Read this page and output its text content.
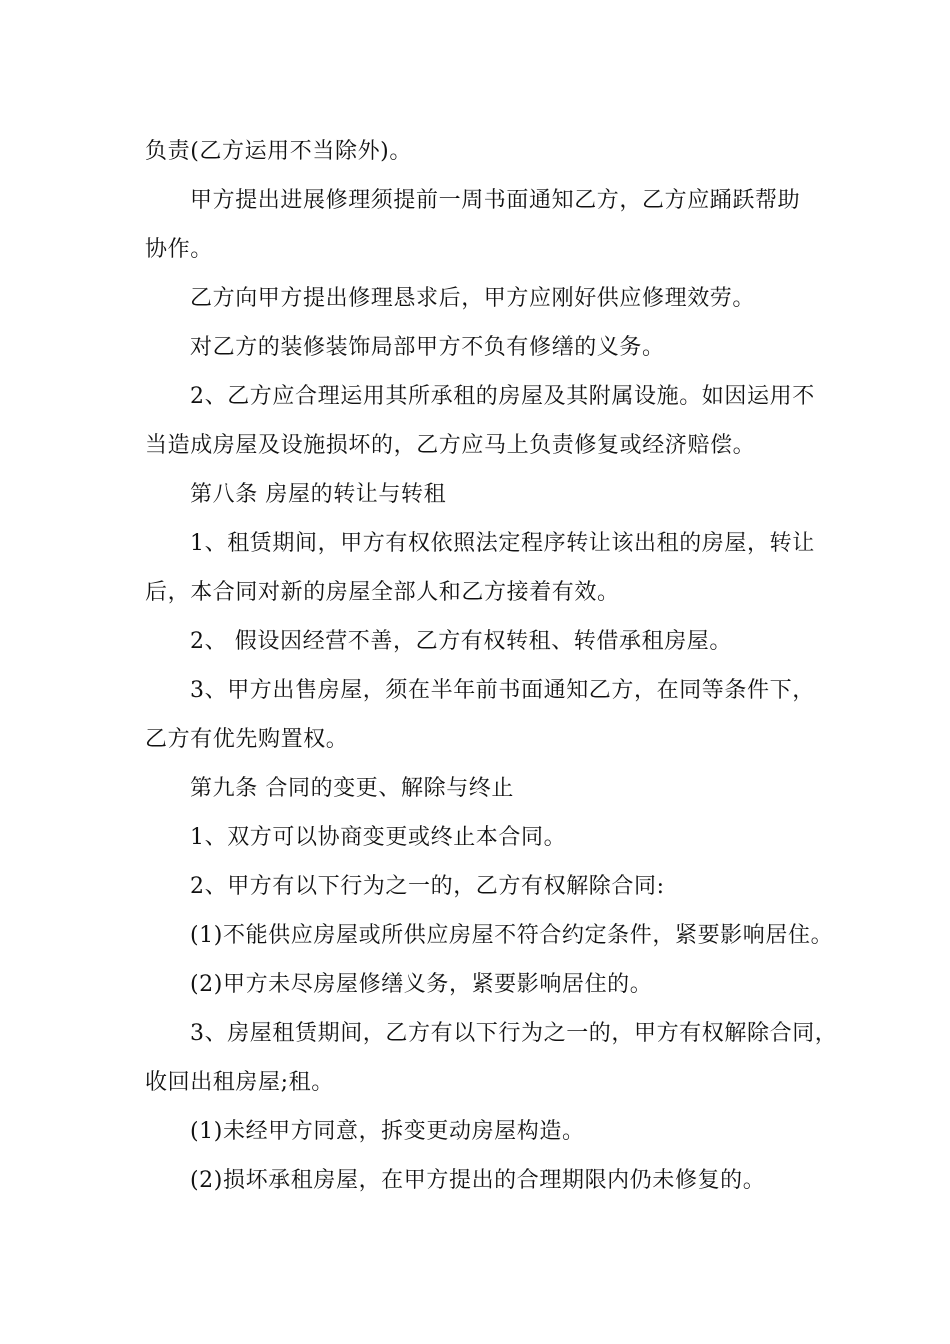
负责(乙方运用不当除外)。

甲方提出进展修理须提前一周书面通知乙方，乙方应踊跃帮助

协作。

乙方向甲方提出修理恳求后，甲方应刚好供应修理效劳。

对乙方的装修装饰局部甲方不负有修缮的义务。

2、乙方应合理运用其所承租的房屋及其附属设施。如因运用不

当造成房屋及设施损坏的，乙方应马上负责修复或经济赔偿。

第八条 房屋的转让与转租

1、租赁期间，甲方有权依照法定程序转让该出租的房屋，转让

后，本合同对新的房屋全部人和乙方接着有效。

2、 假设因经营不善，乙方有权转租、转借承租房屋。

3、甲方出售房屋，须在半年前书面通知乙方，在同等条件下，

乙方有优先购置权。

第九条 合同的变更、解除与终止

1、双方可以协商变更或终止本合同。

2、甲方有以下行为之一的，乙方有权解除合同:

(1)不能供应房屋或所供应房屋不符合约定条件，紧要影响居住。

(2)甲方未尽房屋修缮义务，紧要影响居住的。

3、房屋租赁期间，乙方有以下行为之一的，甲方有权解除合同，

收回出租房屋;租。

(1)未经甲方同意，拆变更动房屋构造。

(2)损坏承租房屋，在甲方提出的合理期限内仍未修复的。
